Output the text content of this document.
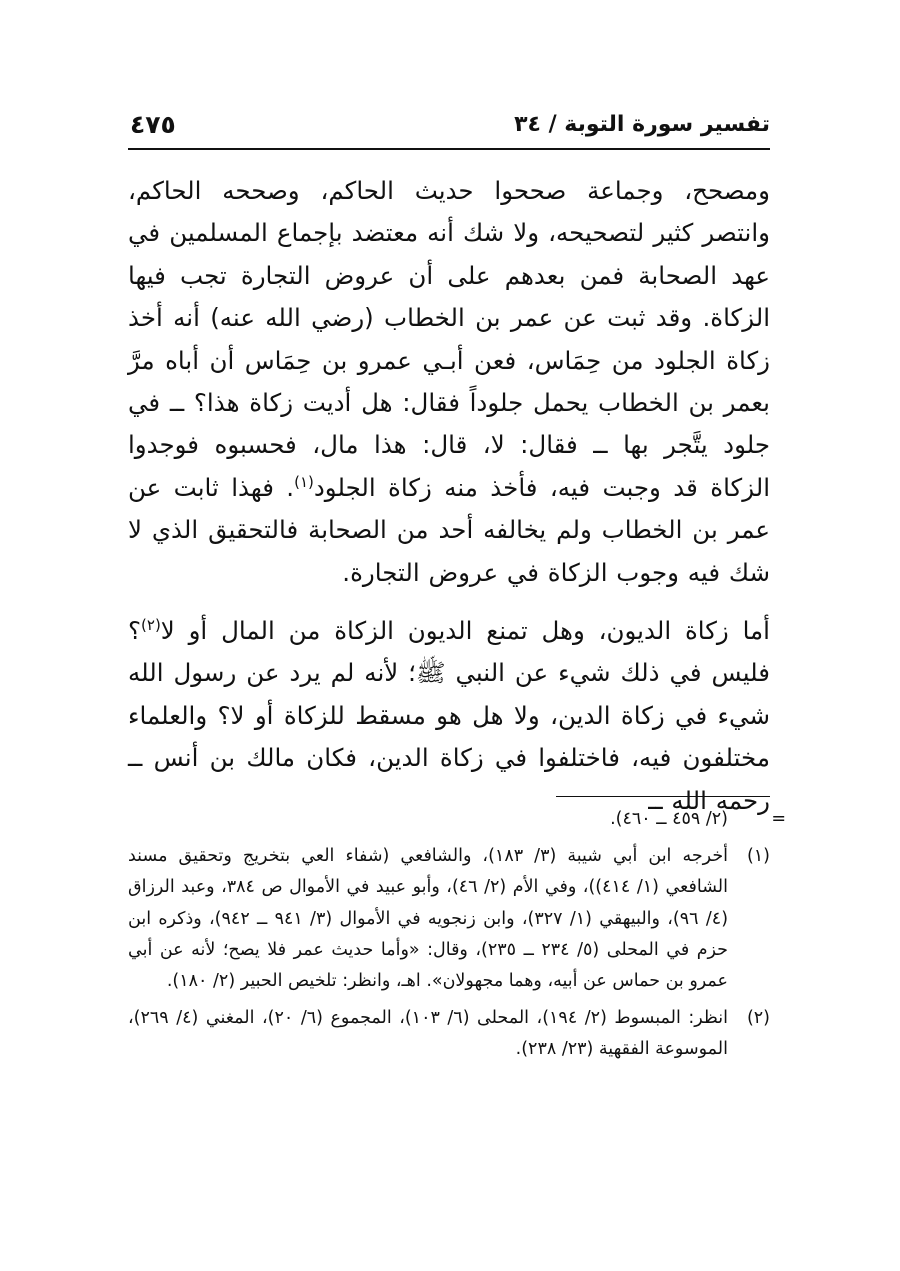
تفسير سورة التوبة / ٣٤
٤٧٥

ومصحح، وجماعة صححوا حديث الحاكم، وصححه الحاكم، وانتصر كثير لتصحيحه، ولا شك أنه معتضد بإجماع المسلمين في عهد الصحابة فمن بعدهم على أن عروض التجارة تجب فيها الزكاة. وقد ثبت عن عمر بن الخطاب (رضي الله عنه) أنه أخذ زكاة الجلود من حِمَاس، فعن أبـي عمرو بن حِمَاس أن أباه مرَّ بعمر بن الخطاب يحمل جلوداً فقال: هل أديت زكاة هذا؟ ــ في جلود يتَّجر بها ــ فقال: لا، قال: هذا مال، فحسبوه فوجدوا الزكاة قد وجبت فيه، فأخذ منه زكاة الجلود$^{(١)}$. فهذا ثابت عن عمر بن الخطاب ولم يخالفه أحد من الصحابة فالتحقيق الذي لا شك فيه وجوب الزكاة في عروض التجارة.

أما زكاة الديون، وهل تمنع الديون الزكاة من المال أو لا$^{(٢)}$؟ فليس في ذلك شيء عن النبي ﷺ؛ لأنه لم يرد عن رسول الله شيء في زكاة الدين، ولا هل هو مسقط للزكاة أو لا؟ والعلماء مختلفون فيه، فاختلفوا في زكاة الدين، فكان مالك بن أنس ــ رحمه الله ــ

=
(٢/ ٤٥٩ ــ ٤٦٠).
(١)
أخرجه ابن أبي شيبة (٣/ ١٨٣)، والشافعي (شفاء العي بتخريج وتحقيق مسند الشافعي (١/ ٤١٤))، وفي الأم (٢/ ٤٦)، وأبو عبيد في الأموال ص ٣٨٤، وعبد الرزاق (٤/ ٩٦)، والبيهقي (١/ ٣٢٧)، وابن زنجويه في الأموال (٣/ ٩٤١ ــ ٩٤٢)، وذكره ابن حزم في المحلى (٥/ ٢٣٤ ــ ٢٣٥)، وقال: «وأما حديث عمر فلا يصح؛ لأنه عن أبي عمرو بن حماس عن أبيه، وهما مجهولان». اهـ، وانظر: تلخيص الحبير (٢/ ١٨٠).
(٢)
انظر: المبسوط (٢/ ١٩٤)، المحلى (٦/ ١٠٣)، المجموع (٦/ ٢٠)، المغني (٤/ ٢٦٩)، الموسوعة الفقهية (٢٣/ ٢٣٨).
